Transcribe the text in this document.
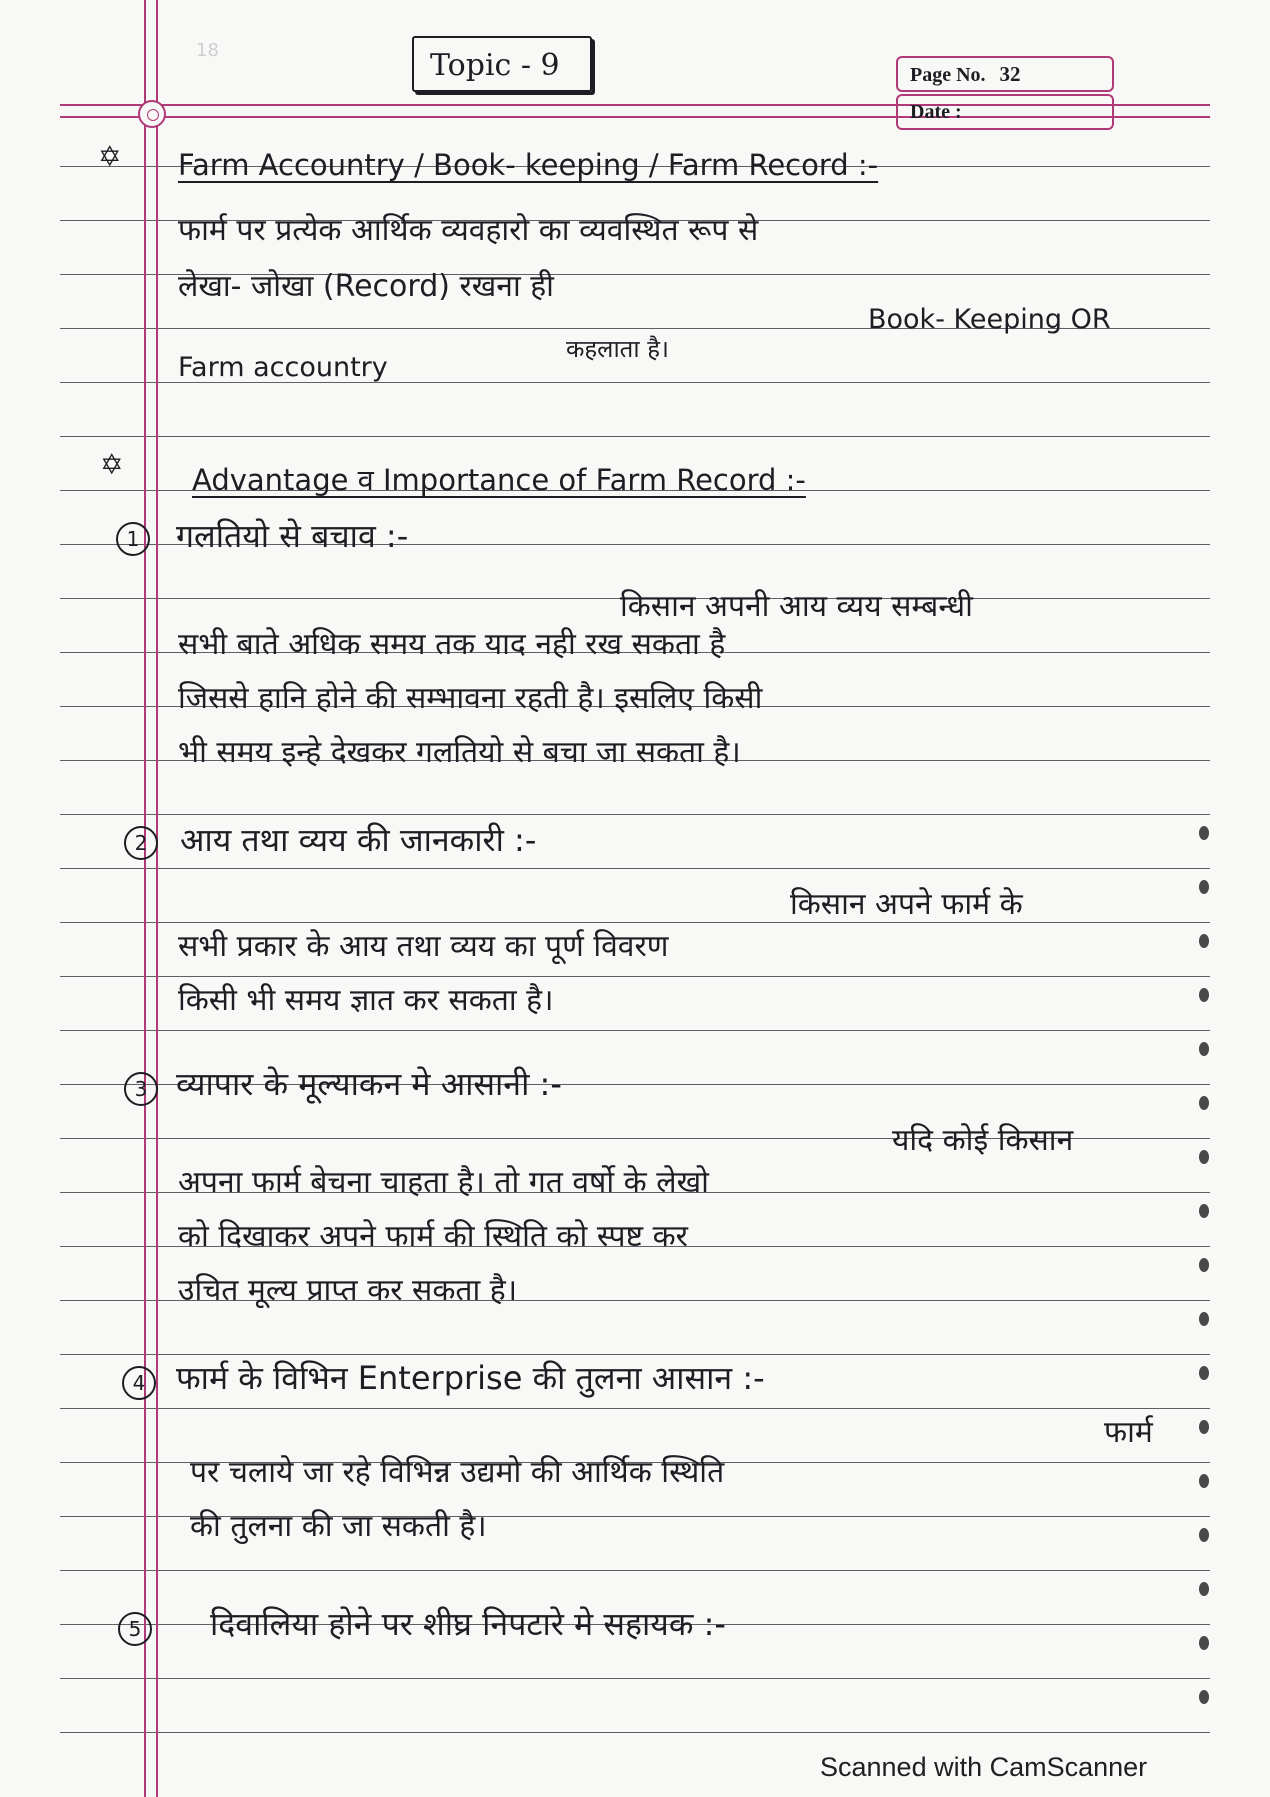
18	Topic - 9	Page No. 32
Date :
✡ Farm Accountry / Book- keeping / Farm Record :-
फार्म पर प्रत्येक आर्थिक व्यवहारो का व्यवस्थित रूप से
लेखा- जोखा (Record) रखना ही
Book- Keeping OR
कहलाता है।
Farm accountry
✡ Advantage व Importance of Farm Record :-
1	गलतियो से बचाव :-
किसान अपनी आय व्यय सम्बन्धी
सभी बाते अधिक समय तक याद नही रख सकता है
जिससे हानि होने की सम्भावना रहती है। इसलिए किसी
भी समय इन्हे देखकर गलतियो से बचा जा सकता है।
2	आय तथा व्यय की जानकारी :-
किसान अपने फार्म के
सभी प्रकार के आय तथा व्यय का पूर्ण विवरण
किसी भी समय ज्ञात कर सकता है।
3 व्यापार के मूल्याकन मे आसानी :-
यदि कोई किसान
अपना फार्म बेचना चाहता है। तो गत वर्षो के लेखो
को दिखाकर अपने फार्म की स्थिति को स्पष्ट कर
उचित मूल्य प्राप्त कर सकता है।
4 फार्म के विभिन Enterprise की तुलना आसान :-
फार्म
पर चलाये जा रहे विभिन्न उद्यमो की आर्थिक स्थिति
की तुलना की जा सकती है।
5	दिवालिया होने पर शीघ्र निपटारे मे सहायक :-
Scanned with CamScanner
